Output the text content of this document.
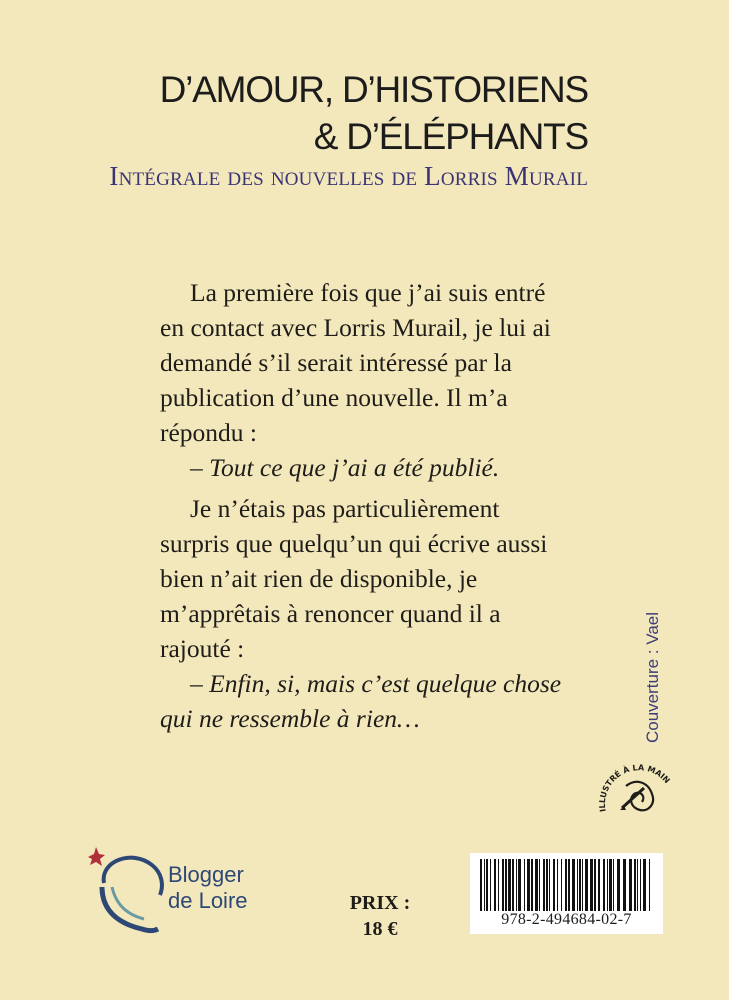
D’AMOUR, D’HISTORIENS
& D’ÉLÉPHANTS
Intégrale des nouvelles de Lorris Murail

La première fois que j’ai suis entré en contact avec Lorris Murail, je lui ai demandé s’il serait intéressé par la publication d’une nouvelle. Il m’a répondu :

– Tout ce que j’ai a été publié.

Je n’étais pas particulièrement surpris que quelqu’un qui écrive aussi bien n’ait rien de disponible, je m’apprêtais à renoncer quand il a rajouté :

– Enfin, si, mais c’est quelque chose qui ne ressemble à rien…	Couverture : Vael
ILLUSTRÉ À LA MAIN
Blogger
de Loire	PRIX :
18 €	978-2-494684-02-7
